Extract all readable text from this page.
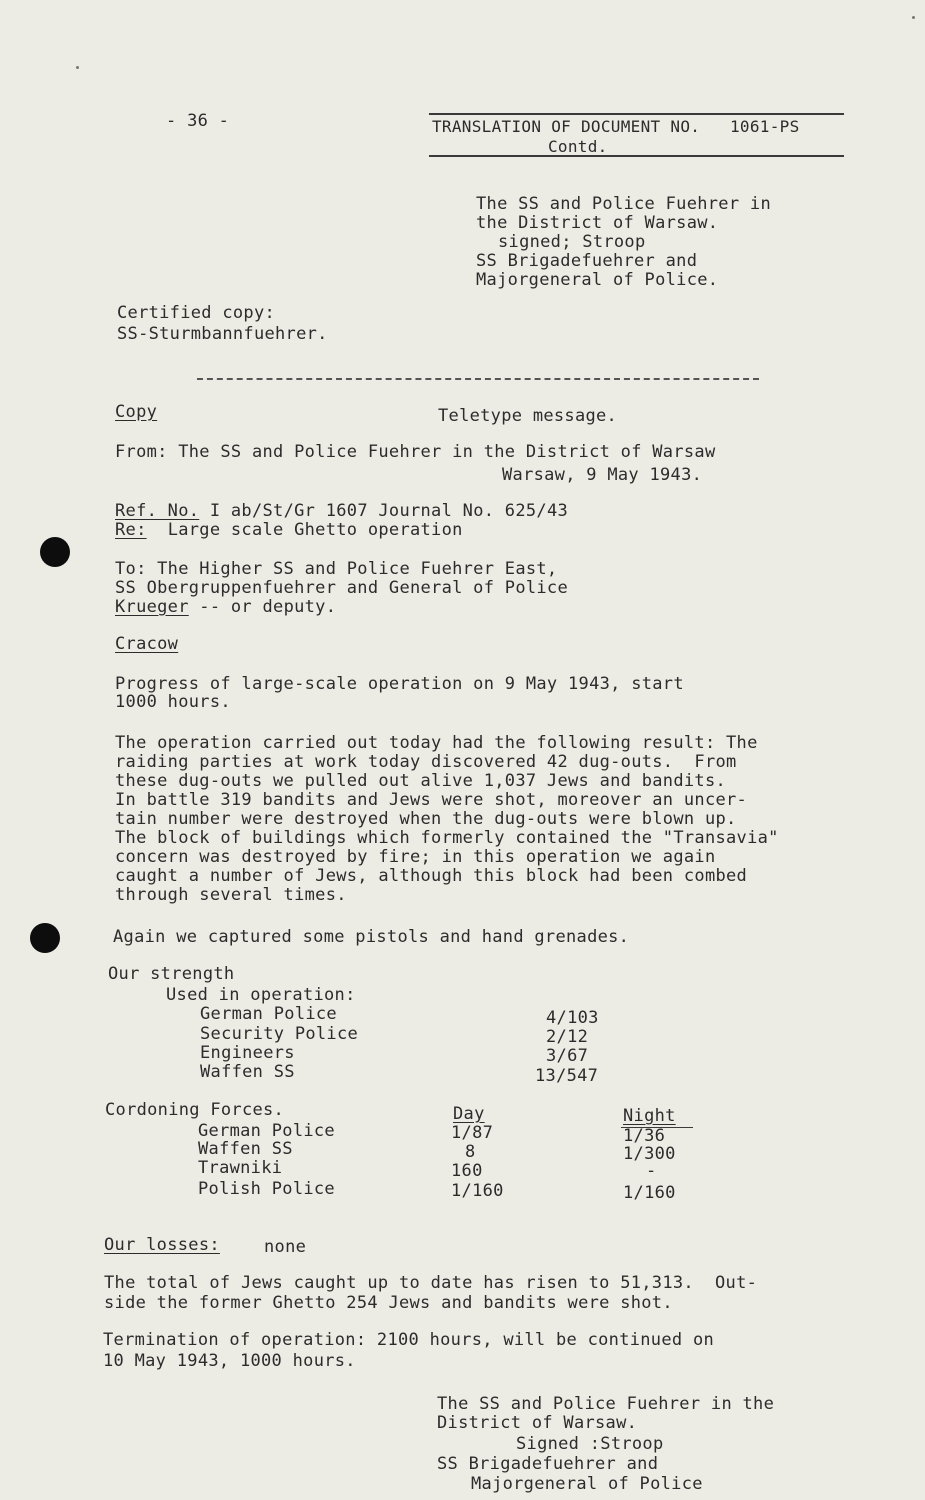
- 36 -	TRANSLATION OF DOCUMENT NO.   1061-PS
Contd.
The SS and Police Fuehrer in
the District of Warsaw.
signed; Stroop
SS Brigadefuehrer and
Majorgeneral of Police.
Certified copy:
SS-Sturmbannfuehrer.
Copy	Teletype message.
From: The SS and Police Fuehrer in the District of Warsaw
Warsaw, 9 May 1943.
Ref. No. I ab/St/Gr 1607 Journal No. 625/43
Re: Large scale Ghetto operation
To: The Higher SS and Police Fuehrer East,
SS Obergruppenfuehrer and General of Police
Krueger -- or deputy.
Cracow
Progress of large-scale operation on 9 May 1943, start
1000 hours.
The operation carried out today had the following result: The
raiding parties at work today discovered 42 dug-outs.  From
these dug-outs we pulled out alive 1,037 Jews and bandits.
In battle 319 bandits and Jews were shot, moreover an uncer-
tain number were destroyed when the dug-outs were blown up.
The block of buildings which formerly contained the "Transavia"
concern was destroyed by fire; in this operation we again
caught a number of Jews, although this block had been combed
through several times.
Again we captured some pistols and hand grenades.
Our strength
Used in operation:
German Police	4/103
Security Police	2/12
Engineers	3/67
Waffen SS	13/547
Cordoning Forces.	Day	Night
German Police	1/87	1/36
Waffen SS	8	1/300
Trawniki	160	-
Polish Police	1/160	1/160
Our losses:	none
The total of Jews caught up to date has risen to 51,313.  Out-
side the former Ghetto 254 Jews and bandits were shot.
Termination of operation: 2100 hours, will be continued on
10 May 1943, 1000 hours.
The SS and Police Fuehrer in the
District of Warsaw.
Signed :Stroop
SS Brigadefuehrer and
Majorgeneral of Police
